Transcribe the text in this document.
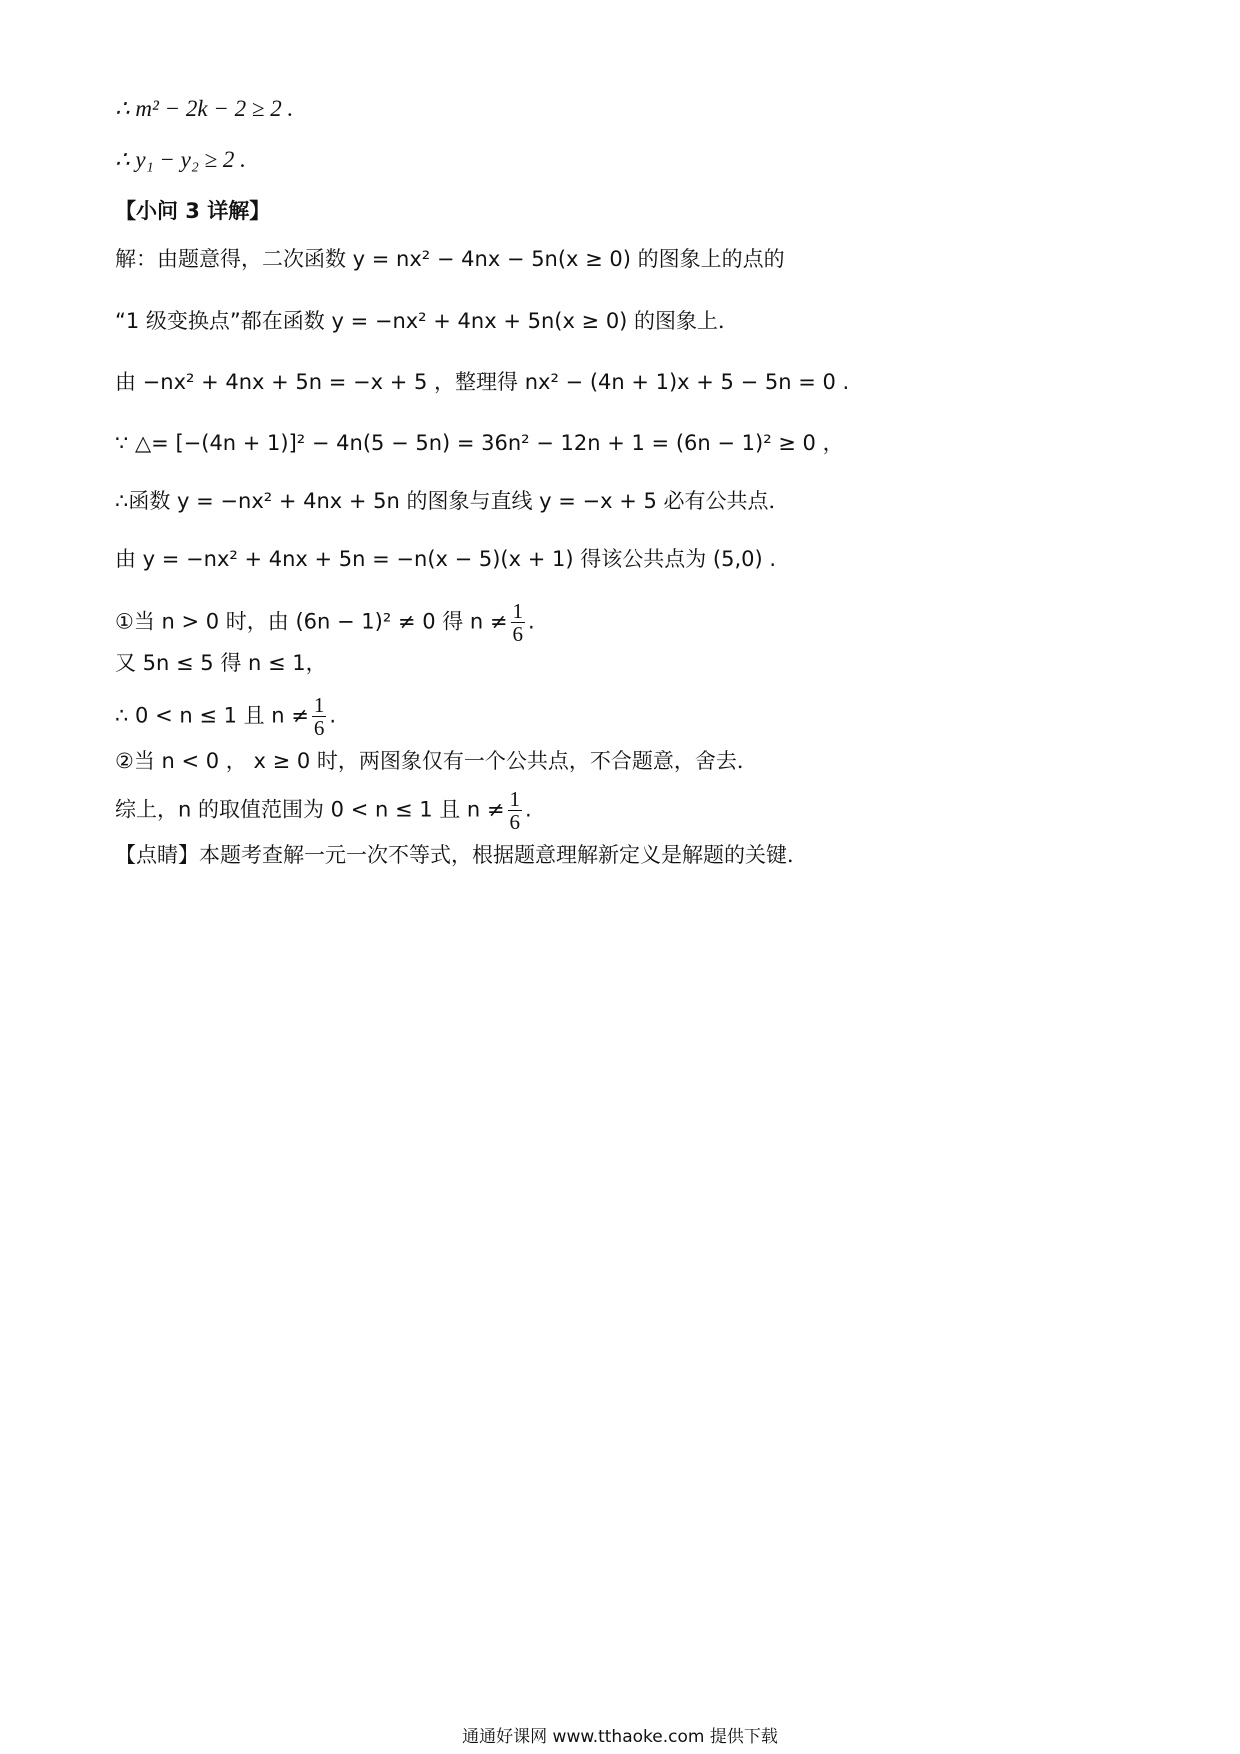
∴ m² − 2k − 2 ≥ 2 .
∴ y₁ − y₂ ≥ 2 .
【小问 3 详解】
解：由题意得，二次函数 y = nx² − 4nx − 5n(x ≥ 0) 的图象上的点的
“1 级变换点”都在函数 y = −nx² + 4nx + 5n(x ≥ 0) 的图象上．
由 −nx² + 4nx + 5n = −x + 5 ，整理得 nx² − (4n + 1)x + 5 − 5n = 0 .
∵ △= [−(4n + 1)]² − 4n(5 − 5n) = 36n² − 12n + 1 = (6n − 1)² ≥ 0 ，
∴函数 y = −nx² + 4nx + 5n 的图象与直线 y = −x + 5 必有公共点．
由 y = −nx² + 4nx + 5n = −n(x − 5)(x + 1) 得该公共点为 (5,0) .
①当 n > 0 时，由 (6n − 1)² ≠ 0 得 $n \ne \frac{1}{6}$ .
又 5n ≤ 5 得 n ≤ 1，
∴ 0 < n ≤ 1 且 $n \ne \frac{1}{6}$ .
②当 n < 0 ， x ≥ 0 时，两图象仅有一个公共点，不合题意，舍去．
综上，n 的取值范围为 0 < n ≤ 1 且 $n \ne \frac{1}{6}$ .
【点睛】本题考查解一元一次不等式，根据题意理解新定义是解题的关键．
通通好课网 www.tthaoke.com 提供下载
